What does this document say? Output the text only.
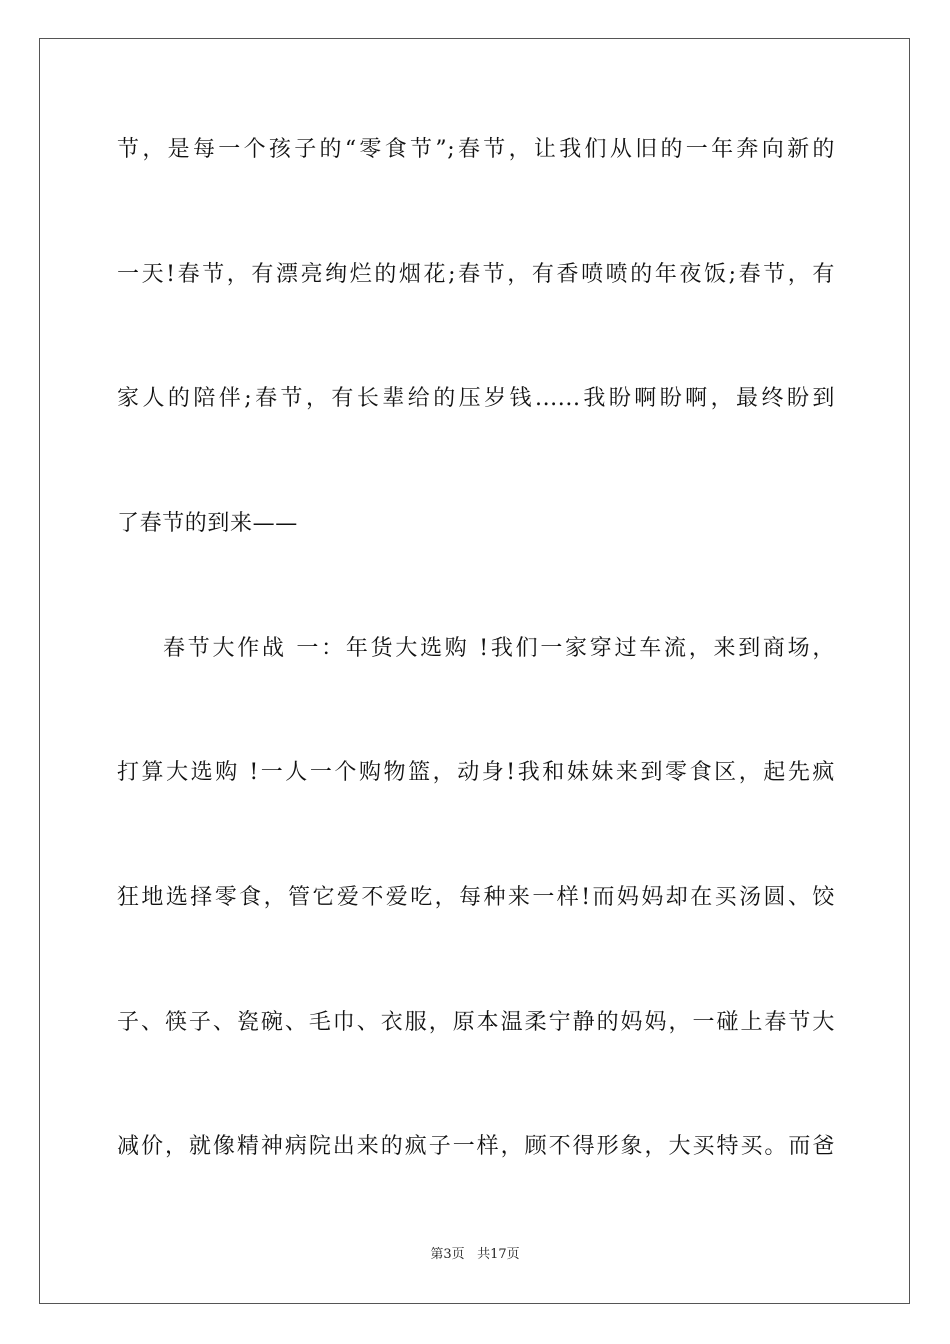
节，是每一个孩子的“零食节”;春节，让我们从旧的一年奔向新的
一天!春节，有漂亮绚烂的烟花;春节，有香喷喷的年夜饭;春节，有
家人的陪伴;春节，有长辈给的压岁钱......我盼啊盼啊，最终盼到
了春节的到来——
春节大作战 一：年货大选购 !我们一家穿过车流，来到商场，
打算大选购 !一人一个购物篮，动身!我和妹妹来到零食区，起先疯
狂地选择零食，管它爱不爱吃，每种来一样!而妈妈却在买汤圆、饺
子、筷子、瓷碗、毛巾、衣服，原本温柔宁静的妈妈，一碰上春节大
减价，就像精神病院出来的疯子一样，顾不得形象，大买特买。而爸
第3页 共17页
